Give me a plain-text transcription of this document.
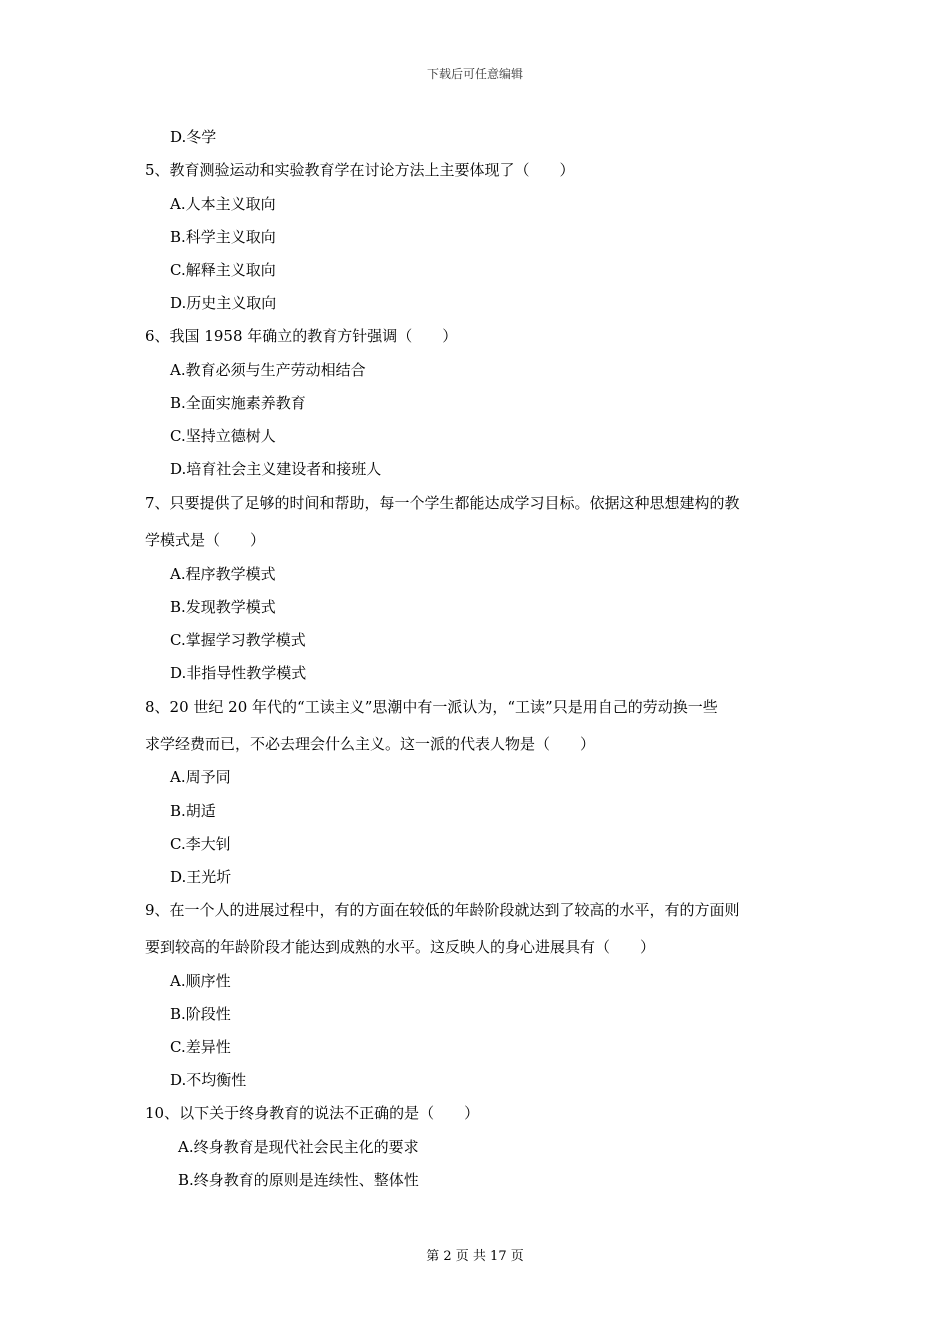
下载后可任意编辑
D.冬学
5、教育测验运动和实验教育学在讨论方法上主要体现了（　　）
A.人本主义取向
B.科学主义取向
C.解释主义取向
D.历史主义取向
6、我国 1958 年确立的教育方针强调（　　）
A.教育必须与生产劳动相结合
B.全面实施素养教育
C.坚持立德树人
D.培育社会主义建设者和接班人
7、只要提供了足够的时间和帮助，每一个学生都能达成学习目标。依据这种思想建构的教
学模式是（　　）
A.程序教学模式
B.发现教学模式
C.掌握学习教学模式
D.非指导性教学模式
8、20 世纪 20 年代的“工读主义”思潮中有一派认为，“工读”只是用自己的劳动换一些
求学经费而已，不必去理会什么主义。这一派的代表人物是（　　）
A.周予同
B.胡适
C.李大钊
D.王光圻
9、在一个人的进展过程中，有的方面在较低的年龄阶段就达到了较高的水平，有的方面则
要到较高的年龄阶段才能达到成熟的水平。这反映人的身心进展具有（　　）
A.顺序性
B.阶段性
C.差异性
D.不均衡性
10、以下关于终身教育的说法不正确的是（　　）
A.终身教育是现代社会民主化的要求
B.终身教育的原则是连续性、整体性
第 2 页 共 17 页
